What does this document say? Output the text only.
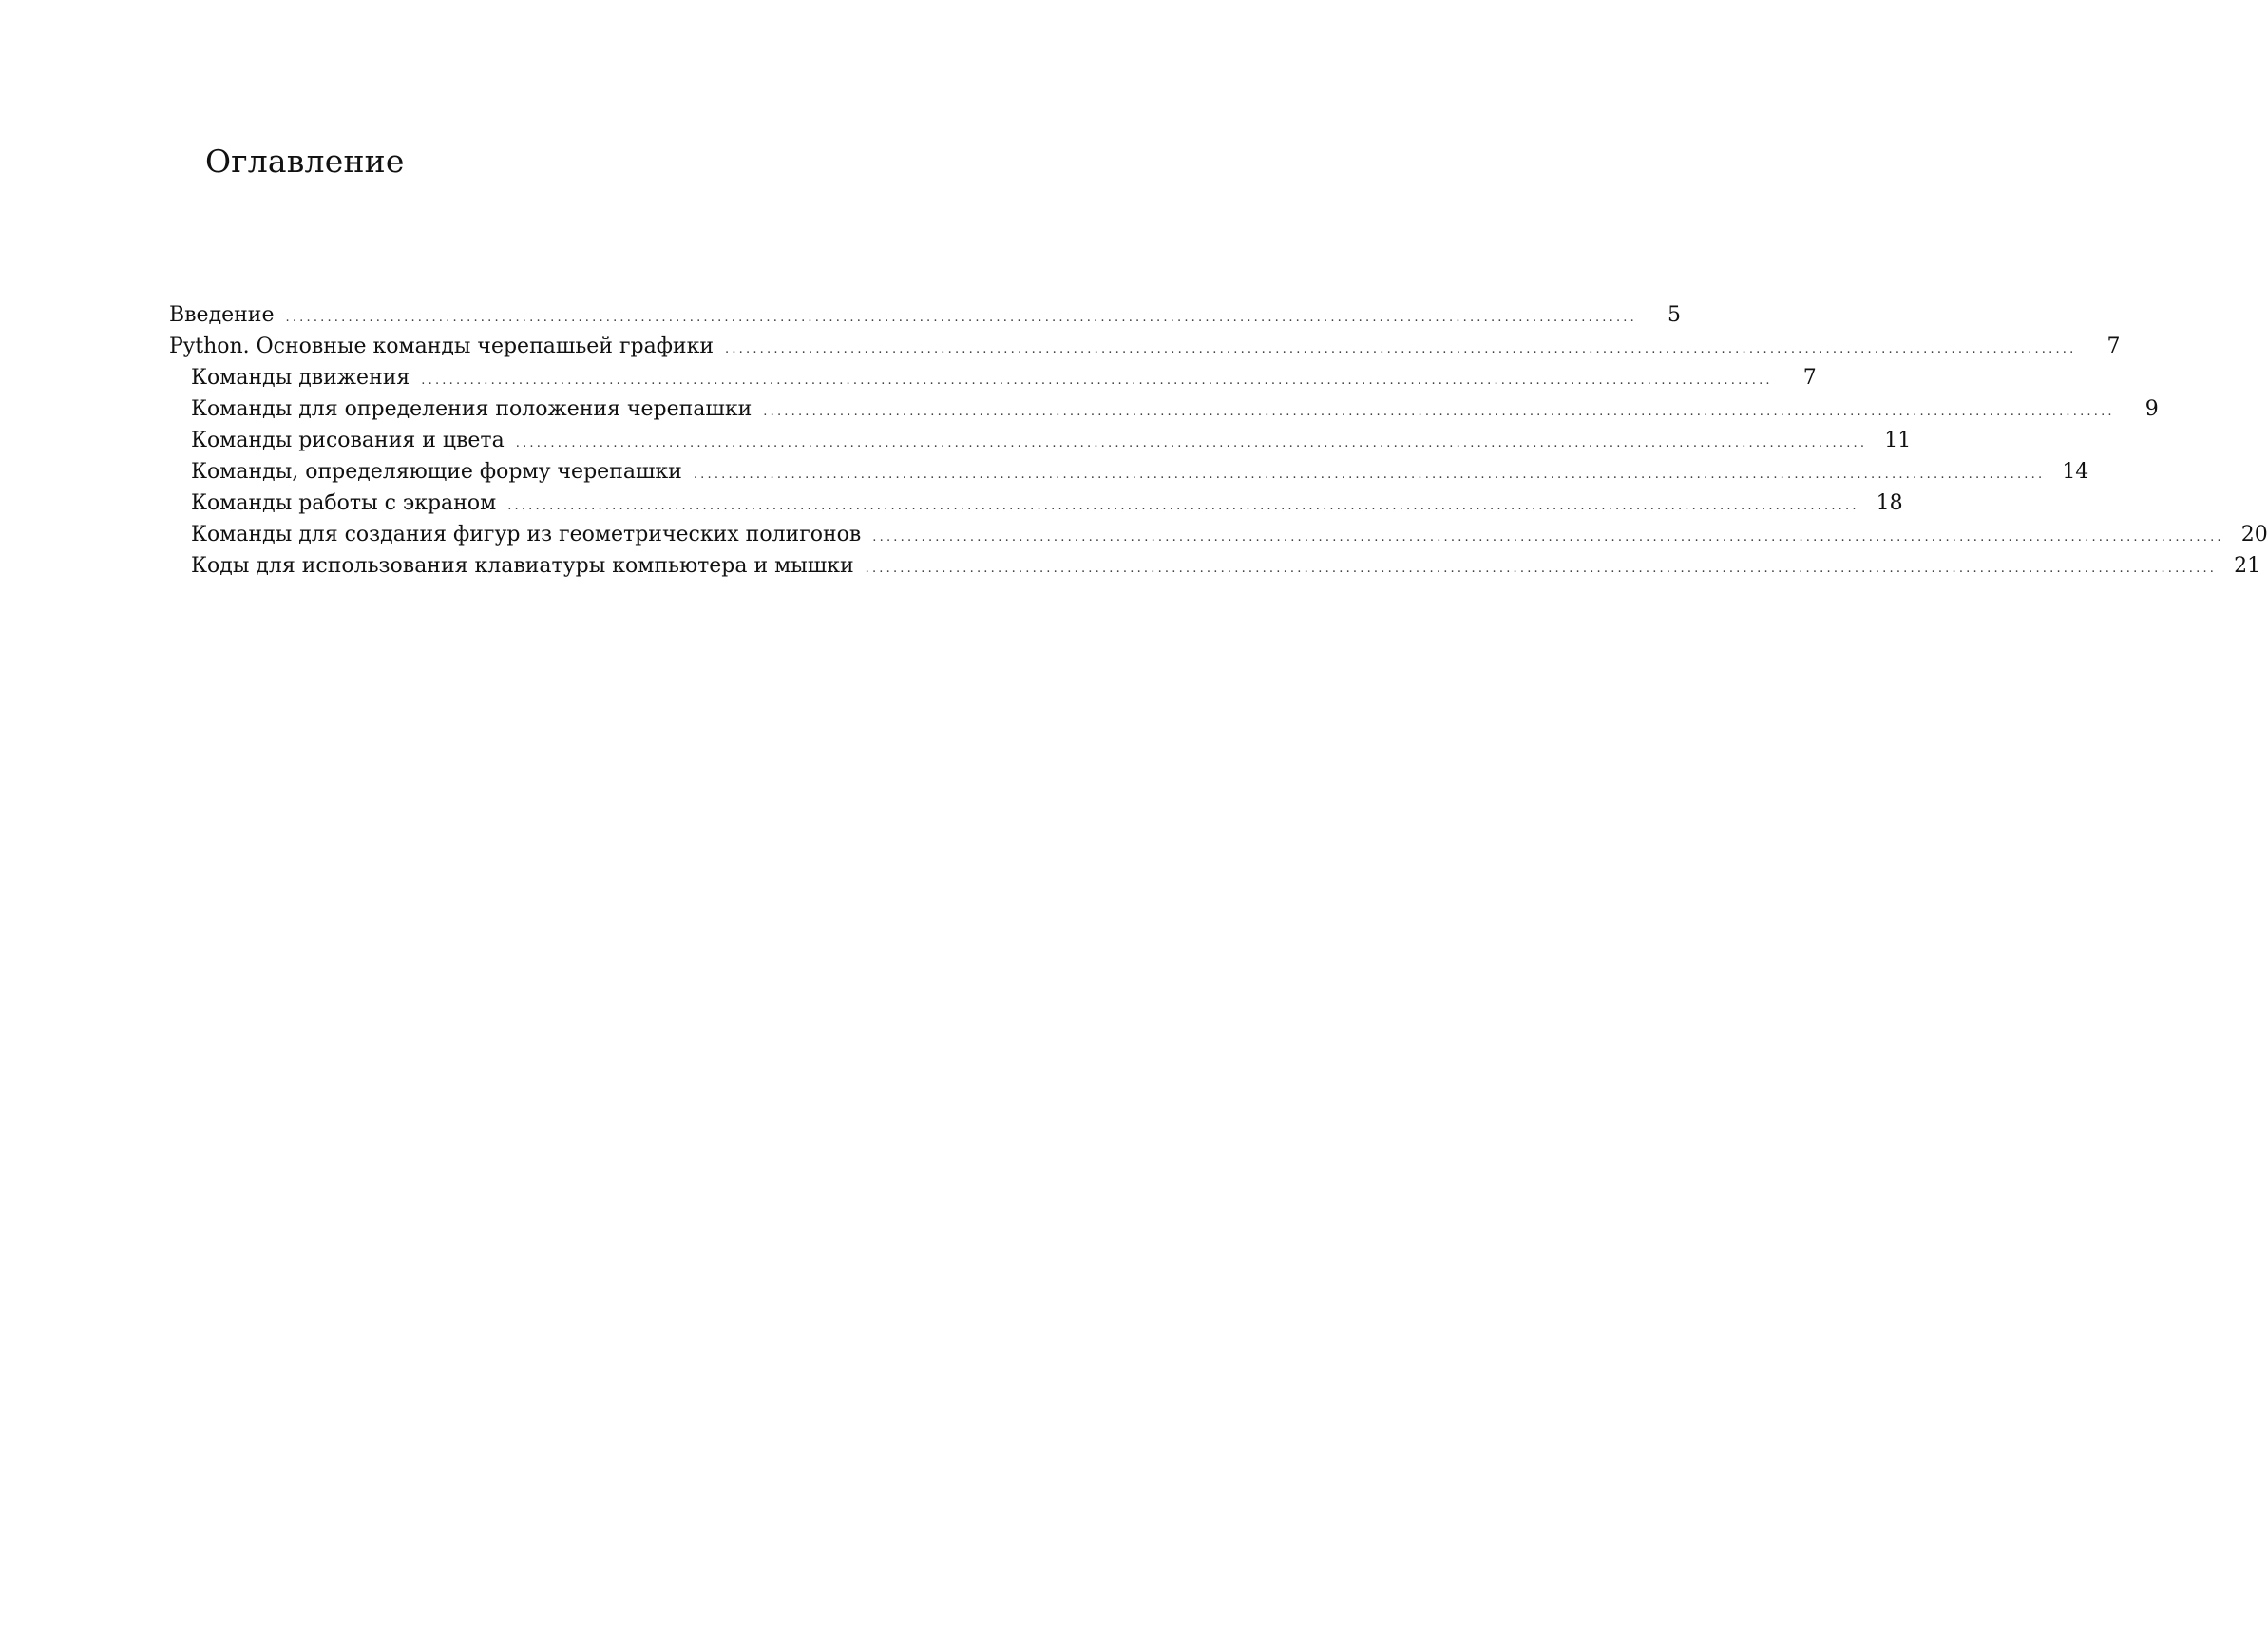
Оглавление
Введение ..................................................................................................................................................................................................	5
Python. Основные команды черепашьей графики ..................................................................................................................................................................................................	7
Команды движения ..................................................................................................................................................................................................	7
Команды для определения положения черепашки ..................................................................................................................................................................................................	9
Команды рисования и цвета .................................................................................................................................................................................................. 11
Команды, определяющие форму черепашки .................................................................................................................................................................................................. 14
Команды работы с экраном .................................................................................................................................................................................................. 18
Команды для создания фигур из геометрических полигонов .................................................................................................................................................................................................. 20
Коды для использования клавиатуры компьютера и мышки .................................................................................................................................................................................................. 21
